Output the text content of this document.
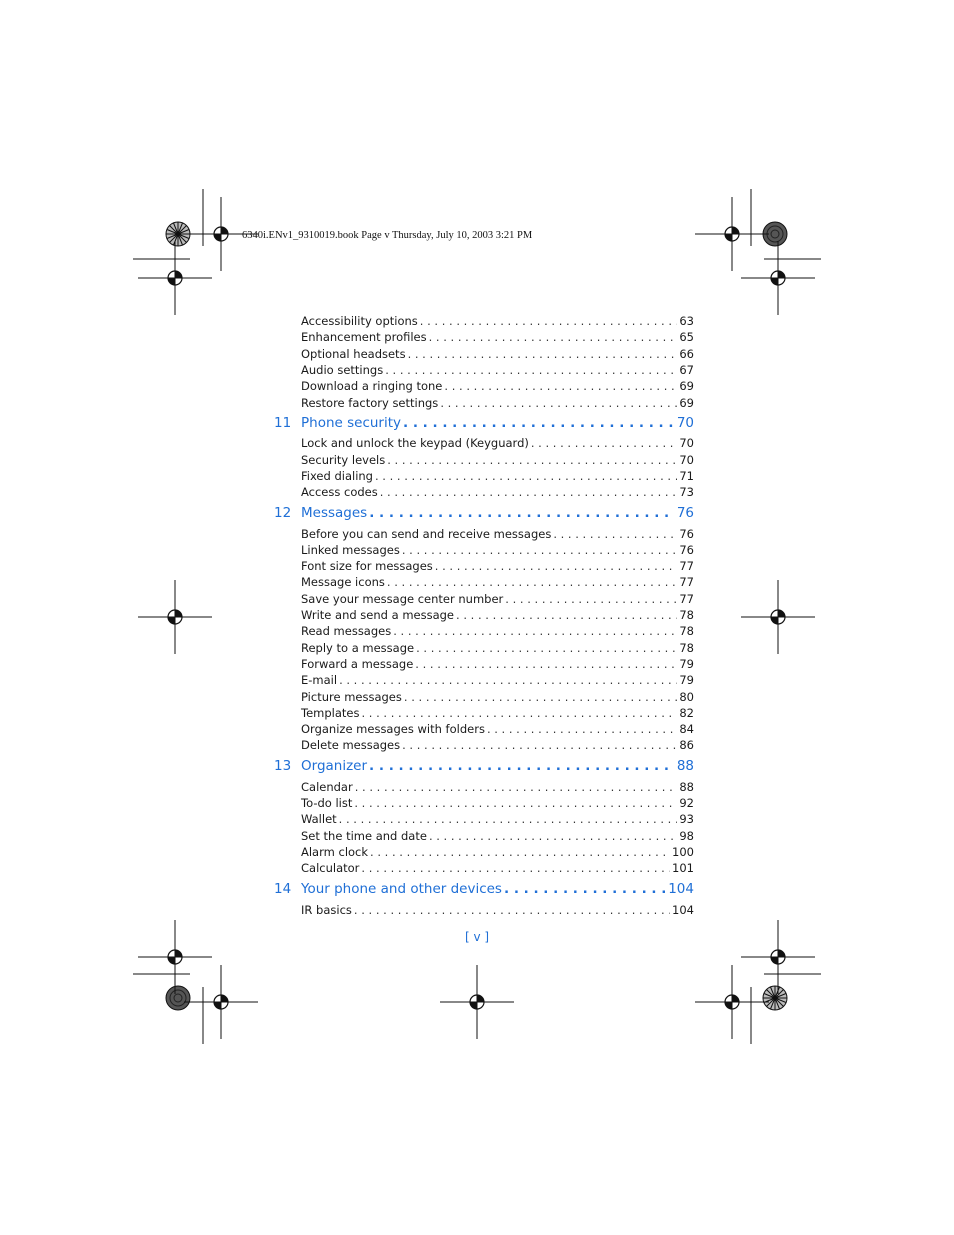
6340i.ENv1_9310019.book Page v Thursday, July 10, 2003 3:21 PM
Accessibility options . . .	63
Enhancement profiles . . .	65
Optional headsets . . .	66
Audio settings . . .	67
Download a ringing tone . . .	69
Restore factory settings . . .	69
11 Phone security . . .	70
Lock and unlock the keypad (Keyguard) . . .	70
Security levels . . .	70
Fixed dialing . . .	71
Access codes . . .	73
12 Messages . . .	76
Before you can send and receive messages . . .	76
Linked messages . . .	76
Font size for messages . . .	77
Message icons . . .	77
Save your message center number . . .	77
Write and send a message . . .	78
Read messages . . .	78
Reply to a message . . .	78
Forward a message . . .	79
E-mail . . .	79
Picture messages . . .	80
Templates . . .	82
Organize messages with folders . . .	84
Delete messages . . .	86
13 Organizer . . .	88
Calendar . . .	88
To-do list . . .	92
Wallet . . .	93
Set the time and date . . .	98
Alarm clock . . .	100
Calculator . . .	101
14 Your phone and other devices . . .	104
IR basics . . .	104
[ v ]
